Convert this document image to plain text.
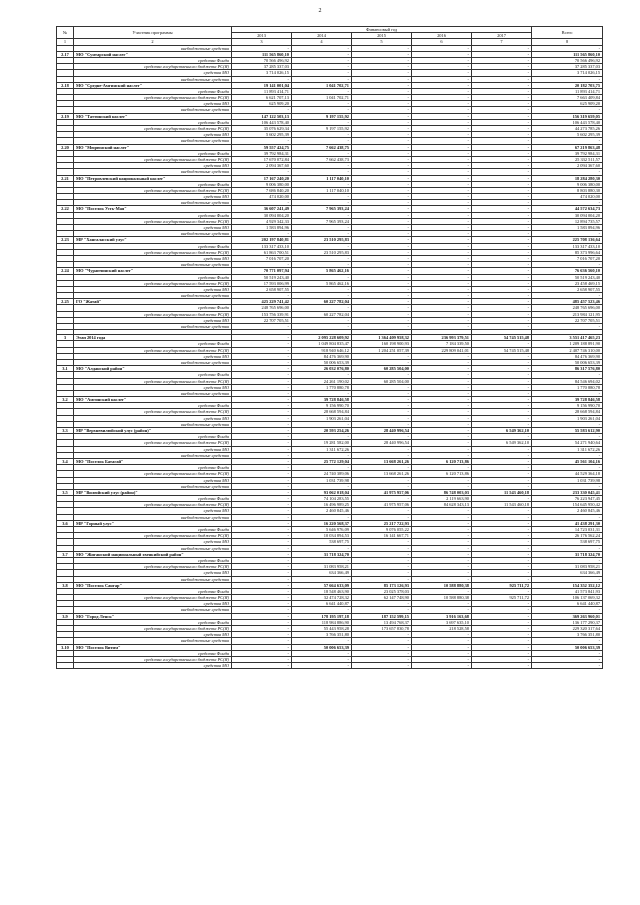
2
№	Участник программы	Финансовый год					Всего
		2013	2014	2015	2016	2017	
1	2	3	4	5	6	7	8
	внебюджетные средства	-	-	-	-	-	-
2.17	МО "Сунтарский наслег"	111 565 860,10	-	-	-	-	111 565 860,10
	средства Фонда	70 566 496,92	-	-	-	-	70 566 496,92
	средства государственного бюджета РС(Я)	37 285 337,03	-	-	-	-	37 285 337,03
	средства МО	3 714 026,15	-	-	-	-	3 714 026,15
	внебюджетные средства	-	-	-	-	-	-
2.18	МО "Средне-Амгинский наслег"	19 141 001,04	1 041 702,71	-	-	-	20 182 703,75
	средства Фонда	11 893 414,71	-	-	-	-	11 893 414,71
	средства государственного бюджета РС(Я)	6 621 707,13	1 041 702,71	-	-	-	7 663 409,84
	средства МО	625 909,20	-	-	-	-	625 909,20
	внебюджетные средства	-	-	-	-	-	-
2.19	МО "Таттинский наслег"	147 122 503,13	9 197 155,92	-	-	-	156 319 659,05
	средства Фонда	106 443 578,40	-	-	-	-	106 443 578,40
	средства государственного бюджета РС(Я)	35 076 629,34	9 197 155,92	-	-	-	44 273 785,26
	средства МО	5 602 295,39	-	-	-	-	5 602 295,39
	внебюджетные средства	-	-	-	-	-	-
2.20	МО "Мюрюнский наслег"	59 557 424,75	7 662 438,75	-	-	-	67 219 863,48
	средства Фонда	39 792 984,31	-	-	-	-	39 792 984,31
	средства государственного бюджета РС(Я)	17 670 072,84	7 662 438,73	-	-	-	25 332 511,57
	средства МО	2 094 367,60	-	-	-	-	2 094 367,60
	внебюджетные средства	-	-	-	-	-	-
2.21	МО "Петровлевский национальный наслег"	17 167 240,20	1 117 040,10	-	-	-	18 284 280,30
	средства Фонда	9 006 380,00	-	-	-	-	9 006 380,00
	средства государственного бюджета РС(Я)	7 686 840,20	1 117 040,10	-	-	-	8 803 880,30
	средства МО	474 020,00	-	-	-	-	474 020,00
	внебюджетные средства	-	-	-	-	-	-
2.22	МО "Поселок Усть-Мая"	36 607 241,49	7 965 393,24	-	-	-	44 572 634,73
	средства Фонда	30 094 004,20	-	-	-	-	30 094 004,20
	средства государственного бюджета РС(Я)	4 929 342,33	7 965 393,24	-	-	-	12 894 735,57
	средства МО	1 583 894,96	-	-	-	-	1 583 894,96
	внебюджетные средства	-	-	-	-	-	-
2.23	МР "Хангаласский улус"	202 197 840,81	23 510 295,83	-	-	-	225 708 136,64
	средства Фонда	133 317 433,10	-	-	-	-	133 317 433,10
	средства государственного бюджета РС(Я)	61 863 700,51	23 510 295,83	-	-	-	85 373 996,64
	средства МО	7 016 707,20	-	-	-	-	7 016 707,20
	внебюджетные средства	-	-	-	-	-	-
2.24	МО "Чурапчинский наслег"	70 771 097,94	5 865 462,16	-	-	-	76 636 560,10
	средства Фонда	50 519 243,40	-	-	-	-	50 519 243,40
	средства государственного бюджета РС(Я)	17 593 006,99	5 865 462,16	-	-	-	23 458 469,15
	средства МО	2 658 907,55	-	-	-	-	2 658 907,55
	внебюджетные средства	-	-	-	-	-	-
2.25	ГО "Жатай"	425 229 741,42	60 227 782,04	-	-	-	485 457 523,46
	средства Фонда	248 765 696,00	-	-	-	-	248 765 696,00
	средства государственного бюджета РС(Я)	153 756 339,91	60 227 782,04	-	-	-	213 984 121,95
	средства МО	22 707 705,51	-	-	-	-	22 707 705,51
	внебюджетные средства	-	-	-	-	-	-

3	Этап 2014 года	-	2 095 228 609,92	1 364 409 958,32	236 993 379,51	54 745 515,48	3 551 417 465,23
	средства Фонда	-	1 049 804 835,47	160 198 900,93	7 184 339,50	-	1 209 188 891,90
	средства государственного бюджета РС(Я)	-	918 940 646,12	1 204 251 057,39	229 809 041,01	54 745 515,48	2 407 746 310,00
	средства МО	-	84 476 369,90	-	-	-	84 476 369,90
	внебюджетные средства	-	50 006 653,39	-	-	-	50 006 653,39
3.1	МО "Алданский район"	-	26 032 076,80	60 285 504,00	-	-	86 317 576,80
	средства Фонда	-	-	-	-	-	-
	средства государственного бюджета РС(Я)	-	24 261 190,02	60 285 504,00	-	-	84 546 694,02
	средства МО	-	1 770 880,78	-	-	-	1 770 880,78
	внебюджетные средства	-	-	-	-	-	-
3.2	МО "Амгинский наслег"	-	39 728 846,58	-	-	-	39 728 846,58
	средства Фонда	-	9 156 990,70	-	-	-	9 156 990,70
	средства государственного бюджета РС(Я)	-	28 668 594,84	-	-	-	28 668 594,84
	средства МО	-	1 903 261,04	-	-	-	1 903 261,04
	внебюджетные средства	-	-	-	-	-	-
3.3	МР "Верхневилюйский улус (район)"	-	20 593 254,26	28 440 996,54	-	6 549 362,10	55 583 612,90
	средства Фонда	-	-	-	-	-	-
	средства государственного бюджета РС(Я)	-	19 281 582,00	28 440 996,54	-	6 549 362,10	54 271 940,64
	средства МО	-	1 311 672,26	-	-	-	1 311 672,26
	внебюджетные средства	-	-	-	-	-	-
3.4	МО "Поселок Батагай"	-	25 772 129,04	13 668 261,26	6 120 713,86	-	45 561 104,16
	средства Фонда	-	-	-	-	-	-
	средства государственного бюджета РС(Я)	-	24 740 389,06	13 668 261,26	6 120 713,86	-	44 529 364,18
	средства МО	-	1 031 739,98	-	-	-	1 031 739,98
	внебюджетные средства	-	-	-	-	-	-
3.5	МР "Вилюйский улус (район)"	-	93 062 018,04	41 975 957,06	86 748 003,03	11 543 460,18	233 330 045,41
	средства Фонда	-	74 104 283,55	-	2 119 663,90	-	76 223 947,45
	средства государственного бюджета РС(Я)	-	16 496 989,25	41 975 957,06	84 628 343,13	11 543 460,18	154 645 950,42
	средства МО	-	2 460 845,46	-	-	-	2 460 845,46
	внебюджетные средства	-	-	-	-	-	-
3.6	МР "Горный улус"	-	16 220 568,37	25 217 722,93	-	-	41 438 291,30
	средства Фонда	-	5 646 976,09	9 076 055,22	-	-	14 723 031,31
	средства государственного бюджета РС(Я)	-	10 034 894,53	16 141 667,71	-	-	26 176 562,24
	средства МО	-	538 697,75	-	-	-	538 697,75
	внебюджетные средства	-	-	-	-	-	-
3.7	МО "Жиганский национальный эвенкийский район"	-	31 718 324,70	-	-	-	31 718 324,70
	средства Фонда	-	-	-	-	-	-
	средства государственного бюджета РС(Я)	-	31 083 958,21	-	-	-	31 083 958,21
	средства МО	-	634 366,49	-	-	-	634 366,49
	внебюджетные средства	-	-	-	-	-	-
3.8	МО "Поселок Сангар"	-	57 664 633,09	85 173 126,93	10 588 880,38	925 711,72	154 352 352,12
	средства Фонда	-	18 548 463,90	23 025 378,03	-	-	41 573 841,93
	средства государственного бюджета РС(Я)	-	32 474 728,32	62 147 748,90	10 588 880,38	925 711,72	106 137 069,32
	средства МО	-	6 641 440,87	-	-	-	6 641 440,87
	внебюджетные средства	-	-	-	-	-	-
3.9	МО "Город Ленск"	-	178 195 197,18	187 152 599,15	3 916 163,68	-	369 263 960,01
	средства Фонда	-	118 984 886,90	13 494 768,37	3 697 635,10	-	136 177 290,37
	средства государственного бюджета РС(Я)	-	55 443 958,28	173 657 830,78	218 528,58	-	229 320 317,64
	средства МО	-	3 766 351,80	-	-	-	3 766 351,80
	внебюджетные средства	-	-	-	-	-	-
3.10	МО "Поселок Витим"	-	50 006 653,39	-	-	-	50 006 653,39
	средства Фонда	-	-	-	-	-	-
	средства государственного бюджета РС(Я)	-	-	-	-	-	-
	средства МО	-	-	-	-	-	-
